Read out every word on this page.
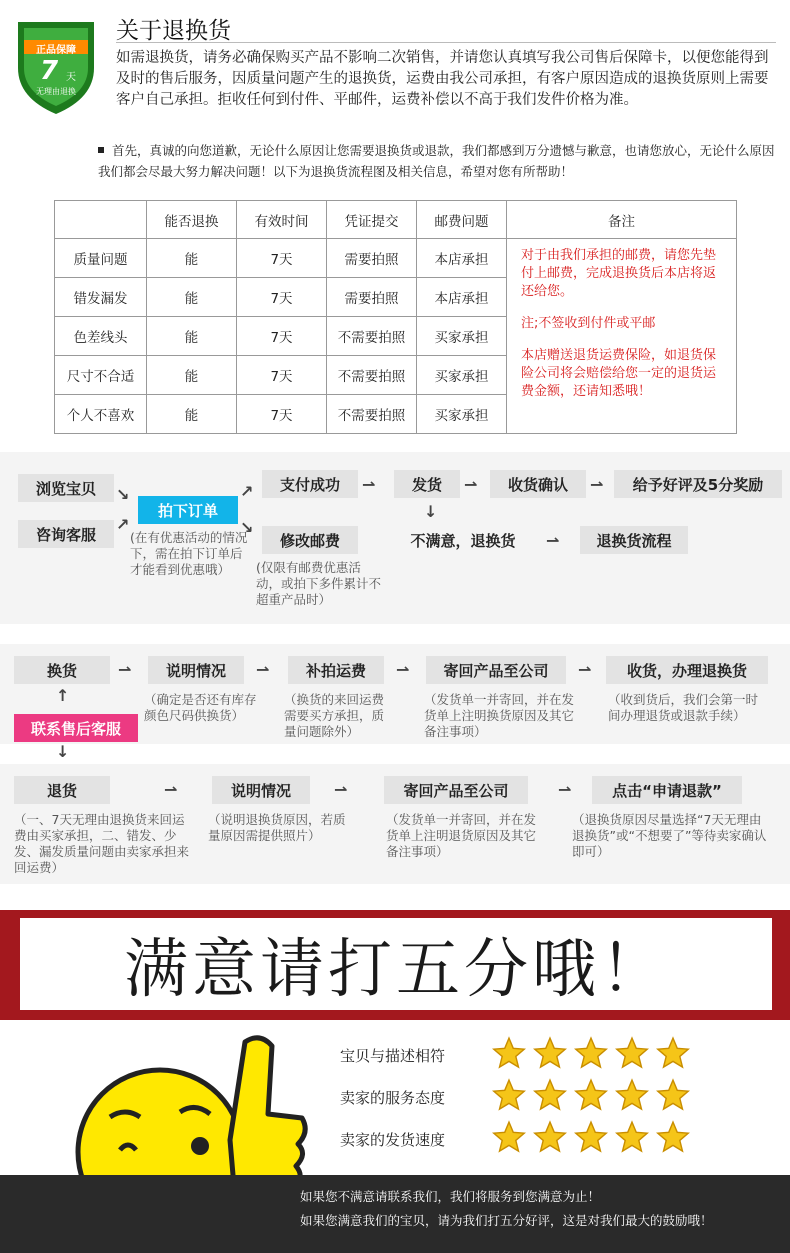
正品保障
7 天
无理由退换
关于退换货
如需退换货，请务必确保购买产品不影响二次销售，并请您认真填写我公司售后保障卡，以便您能得到及时的售后服务，因质量问题产生的退换货，运费由我公司承担，有客户原因造成的退换货原则上需要客户自己承担。拒收任何到付件、平邮件，运费补偿以不高于我们发件价格为准。
首先，真诚的向您道歉，无论什么原因让您需要退换货或退款，我们都感到万分遗憾与歉意，也请您放心，无论什么原因我们都会尽最大努力解决问题！以下为退换货流程图及相关信息，希望对您有所帮助！
	能否退换	有效时间	凭证提交	邮费问题	备注
质量问题	能	7天	需要拍照	本店承担	对于由我们承担的邮费，请您先垫付上邮费，完成退换货后本店将返还给您。

注;不签收到付件或平邮

本店赠送退货运费保险，如退货保险公司将会赔偿给您一定的退货运费金额，还请知悉哦！

错发漏发	能	7天	需要拍照	本店承担	
色差线头	能	7天	不需要拍照	买家承担	
尺寸不合适	能	7天	不需要拍照	买家承担	
个人不喜欢	能	7天	不需要拍照	买家承担	
浏览宝贝
咨询客服
↘
↗
拍下订单
(在有优惠活动的情况下，需在拍下订单后才能看到优惠哦）
↗
↘
支付成功
修改邮费
(仅限有邮费优惠活动，或拍下多件累计不超重产品时）
⇀	发货	⇀	收货确认	⇀	给予好评及5分奖励
↓
不满意，退换货	⇀	退换货流程
换货	⇀	说明情况
（确定是否还有库存颜色尺码供换货）
⇀	补拍运费
（换货的来回运费需要买方承担，质量问题除外）
⇀	寄回产品至公司
（发货单一并寄回，并在发货单上注明换货原因及其它备注事项）
⇀	收货，办理退换货
（收到货后，我们会第一时间办理退货或退款手续）
↑
联系售后客服
↓
退货
（一、7天无理由退换货来回运费由买家承担，二、错发、少发、漏发质量问题由卖家承担来回运费）
⇀	说明情况
（说明退换货原因，若质量原因需提供照片）
⇀	寄回产品至公司
（发货单一并寄回，并在发货单上注明退货原因及其它备注事项）
⇀	点击“申请退款”
（退换货原因尽量选择“7天无理由退换货”或“不想要了”等待卖家确认即可）
满意请打五分哦！
宝贝与描述相符
卖家的服务态度
卖家的发货速度
如果您不满意请联系我们，我们将服务到您满意为止！
如果您满意我们的宝贝，请为我们打五分好评，这是对我们最大的鼓励哦！
